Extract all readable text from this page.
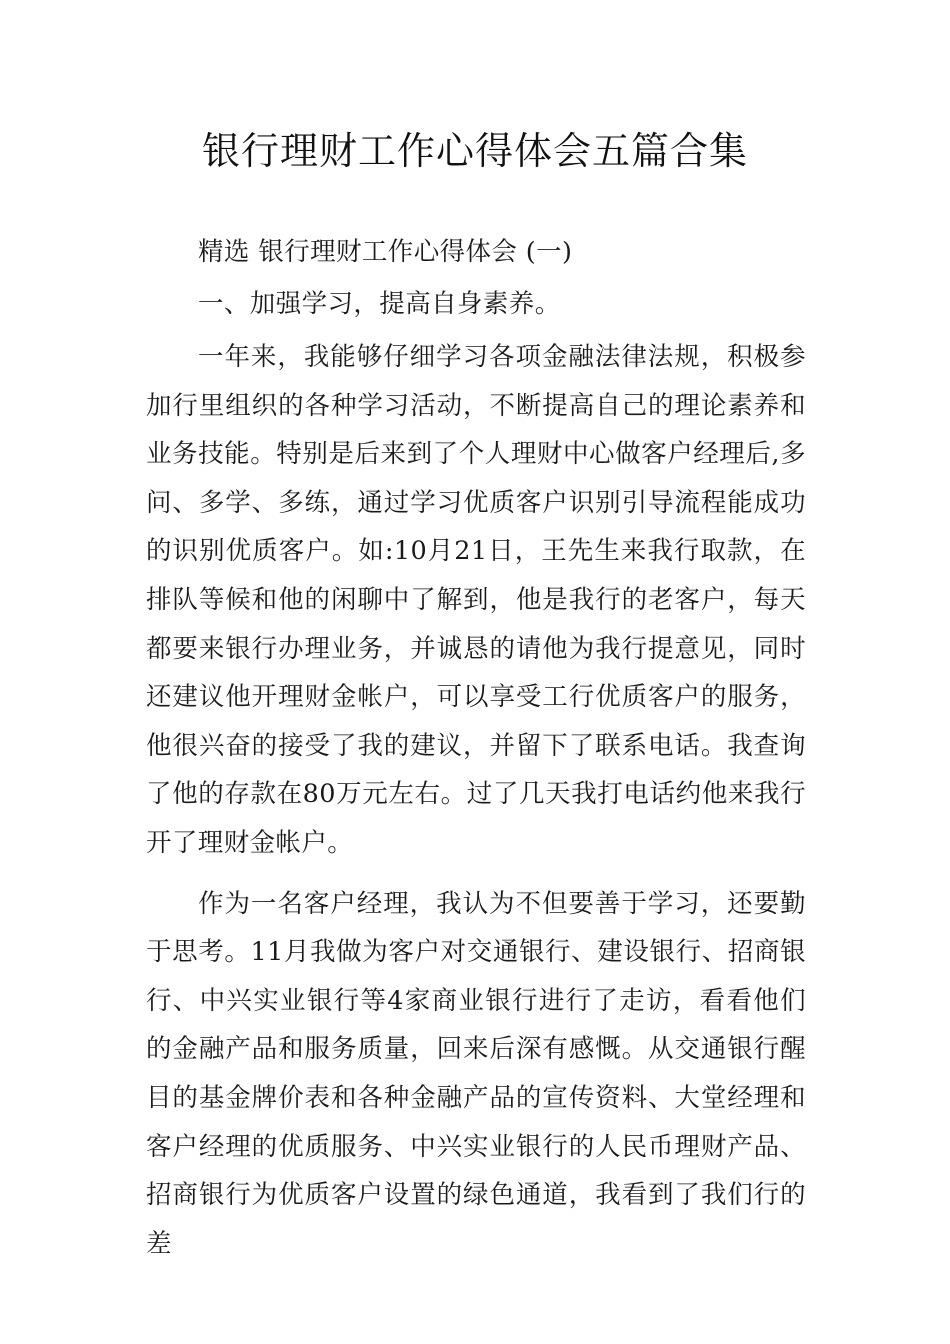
银行理财工作心得体会五篇合集

精选 银行理财工作心得体会 (一)

一、加强学习，提高自身素养。

一年来，我能够仔细学习各项金融法律法规，积极参加行里组织的各种学习活动，不断提高自己的理论素养和业务技能。特别是后来到了个人理财中心做客户经理后,多问、多学、多练，通过学习优质客户识别引导流程能成功的识别优质客户。如:10月21日，王先生来我行取款，在排队等候和他的闲聊中了解到，他是我行的老客户，每天都要来银行办理业务，并诚恳的请他为我行提意见，同时还建议他开理财金帐户，可以享受工行优质客户的服务，他很兴奋的接受了我的建议，并留下了联系电话。我查询了他的存款在80万元左右。过了几天我打电话约他来我行开了理财金帐户。

作为一名客户经理，我认为不但要善于学习，还要勤于思考。11月我做为客户对交通银行、建设银行、招商银行、中兴实业银行等4家商业银行进行了走访，看看他们的金融产品和服务质量，回来后深有感慨。从交通银行醒目的基金牌价表和各种金融产品的宣传资料、大堂经理和客户经理的优质服务、中兴实业银行的人民币理财产品、招商银行为优质客户设置的绿色通道，我看到了我们行的差
